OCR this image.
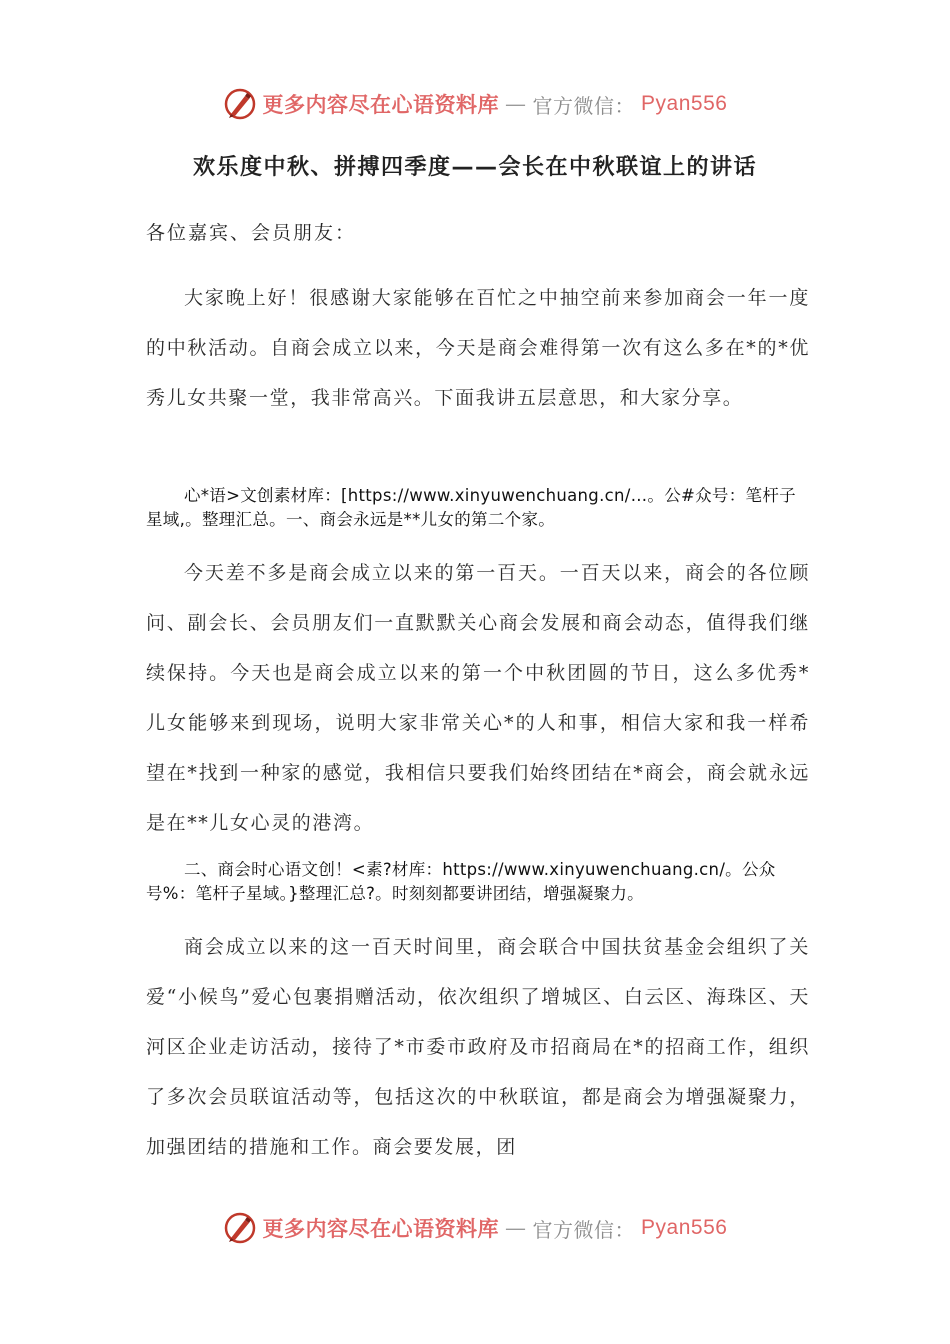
更多内容尽在心语资料库 — 官方微信： Pyan556
欢乐度中秋、拼搏四季度——会长在中秋联谊上的讲话
各位嘉宾、会员朋友：
大家晚上好！很感谢大家能够在百忙之中抽空前来参加商会一年一度的中秋活动。自商会成立以来，今天是商会难得第一次有这么多在*的*优秀儿女共聚一堂，我非常高兴。下面我讲五层意思，和大家分享。
心*语>文创素材库：[https://www.xinyuwenchuang.cn/…。公#众号：笔杆子星域,。整理汇总。一、商会永远是**儿女的第二个家。
今天差不多是商会成立以来的第一百天。一百天以来，商会的各位顾问、副会长、会员朋友们一直默默关心商会发展和商会动态，值得我们继续保持。今天也是商会成立以来的第一个中秋团圆的节日，这么多优秀*儿女能够来到现场，说明大家非常关心*的人和事，相信大家和我一样希望在*找到一种家的感觉，我相信只要我们始终团结在*商会，商会就永远是在**儿女心灵的港湾。
二、商会时心语文创！<素?材库：https://www.xinyuwenchuang.cn/。公众号%：笔杆子星域。}整理汇总?。时刻刻都要讲团结，增强凝聚力。
商会成立以来的这一百天时间里，商会联合中国扶贫基金会组织了关爱“小候鸟”爱心包裹捐赠活动，依次组织了增城区、白云区、海珠区、天河区企业走访活动，接待了*市委市政府及市招商局在*的招商工作，组织了多次会员联谊活动等，包括这次的中秋联谊，都是商会为增强凝聚力，加强团结的措施和工作。商会要发展，团
更多内容尽在心语资料库 — 官方微信： Pyan556
